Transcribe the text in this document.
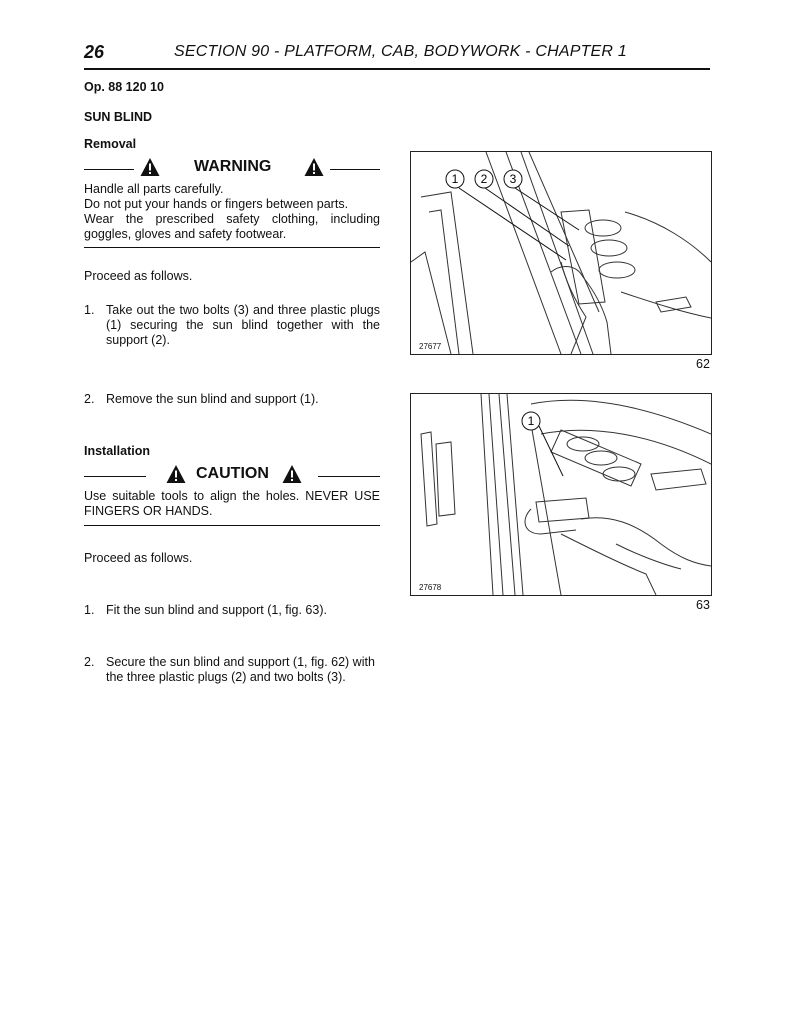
26	SECTION 90 - PLATFORM, CAB, BODYWORK - CHAPTER 1
Op. 88 120 10
SUN BLIND
Removal
WARNING
Handle all parts carefully.
Do not put your hands or fingers between parts.
Wear the prescribed safety clothing, including goggles, gloves and safety footwear.
Proceed as follows.
1. Take out the two bolts (3) and three plastic plugs (1) securing the sun blind together with the support (2).
2. Remove the sun blind and support (1).
Installation
CAUTION
Use suitable tools to align the holes. NEVER USE FINGERS OR HANDS.
Proceed as follows.
1. Fit the sun blind and support (1, fig. 63).
2. Secure the sun blind and support (1, fig. 62) with the three plastic plugs (2) and two bolts (3).
1 2 3
27677
62
1
27678
63
